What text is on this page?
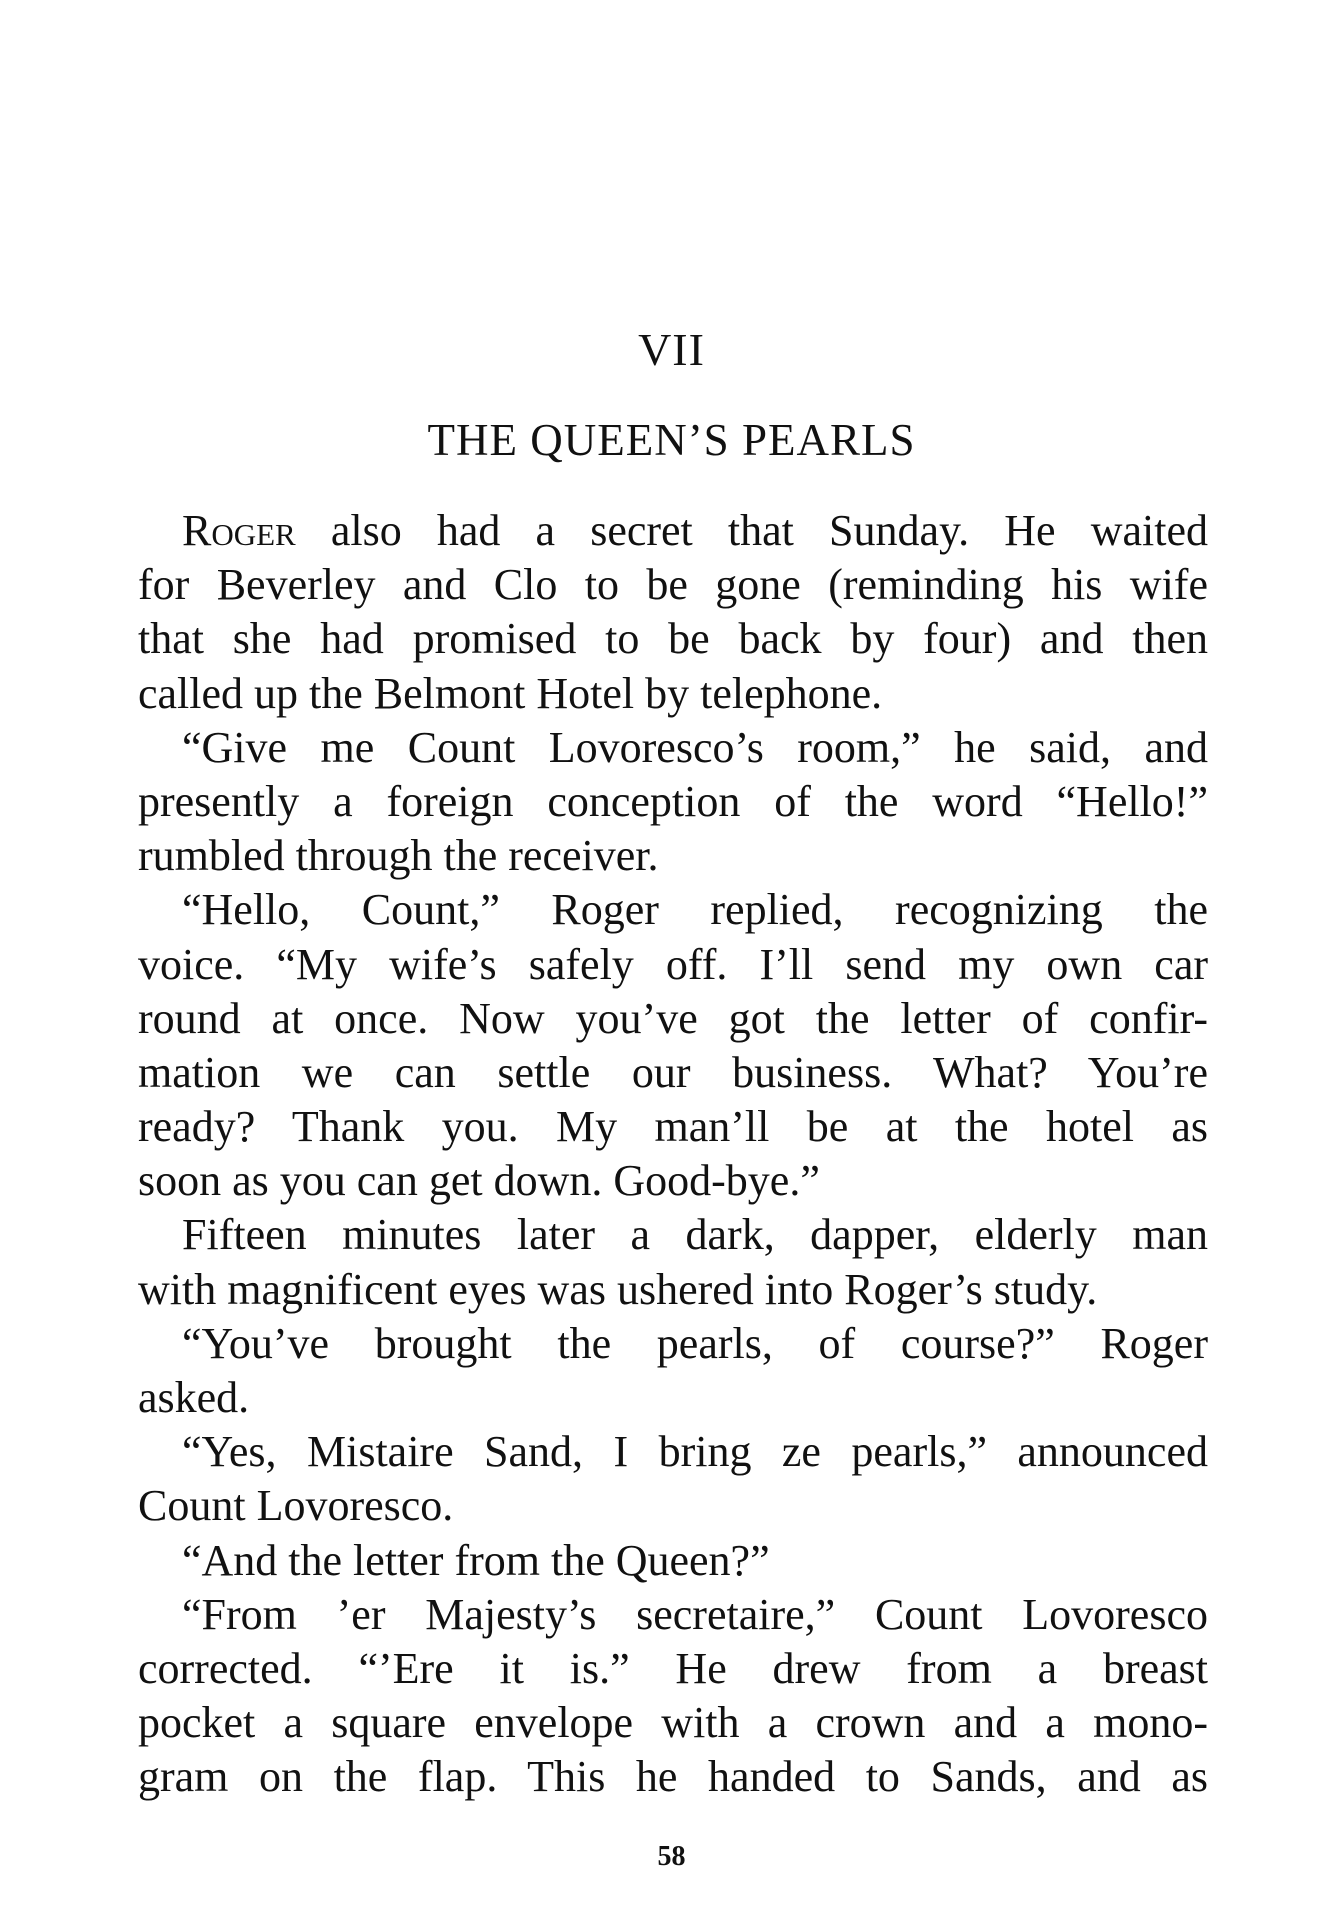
VII
THE QUEEN’S PEARLS
Roger also had a secret that Sunday. He waited
for Beverley and Clo to be gone (reminding his wife
that she had promised to be back by four) and then
called up the Belmont Hotel by telephone.
“Give me Count Lovoresco’s room,” he said, and
presently a foreign conception of the word “Hello!”
rumbled through the receiver.
“Hello, Count,” Roger replied, recognizing the
voice. “My wife’s safely off. I’ll send my own car
round at once. Now you’ve got the letter of confir-
mation we can settle our business. What? You’re
ready? Thank you. My man’ll be at the hotel as
soon as you can get down. Good-bye.”
Fifteen minutes later a dark, dapper, elderly man
with magnificent eyes was ushered into Roger’s study.
“You’ve brought the pearls, of course?” Roger
asked.
“Yes, Mistaire Sand, I bring ze pearls,” announced
Count Lovoresco.
“And the letter from the Queen?”
“From ’er Majesty’s secretaire,” Count Lovoresco
corrected. “’Ere it is.” He drew from a breast
pocket a square envelope with a crown and a mono-
gram on the flap. This he handed to Sands, and as
58
